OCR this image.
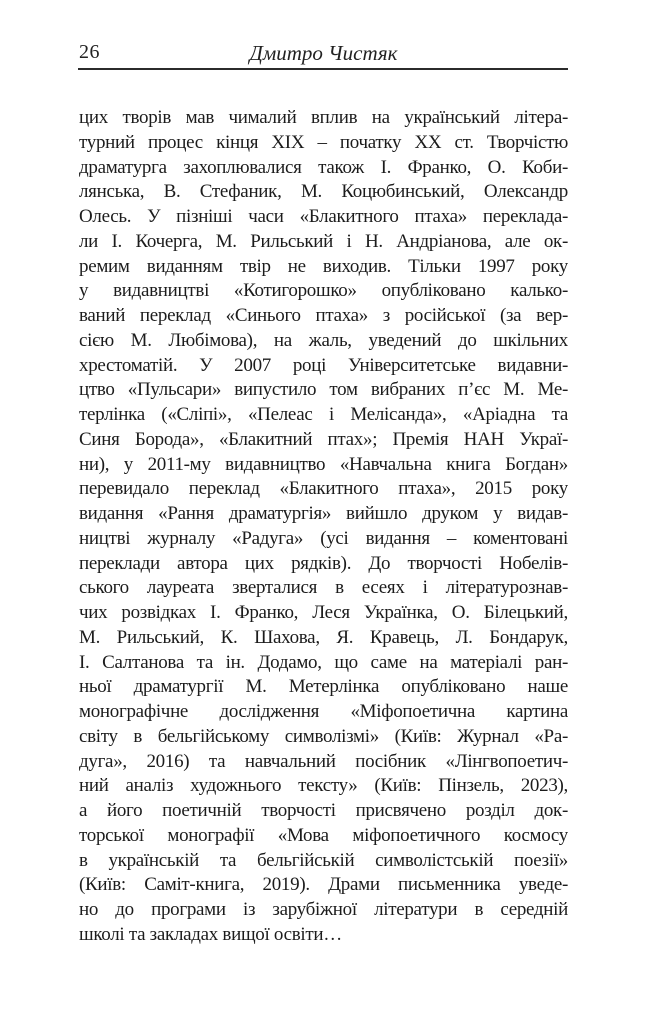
26	Дмитро Чистяк
цих творів мав чималий вплив на український літера-
турний процес кінця XIX – початку XX ст. Творчістю
драматурга захоплювалися також І. Франко, О. Коби-
лянська, В. Стефаник, М. Коцюбинський, Олександр
Олесь. У пізніші часи «Блакитного птаха» переклада-
ли І. Кочерга, М. Рильський і Н. Андріанова, але ок-
ремим виданням твір не виходив. Тільки 1997 року
у видавництві «Котигорошко» опубліковано калько-
ваний переклад «Синього птаха» з російської (за вер-
сією М. Любімова), на жаль, уведений до шкільних
хрестоматій. У 2007 році Університетське видавни-
цтво «Пульсари» випустило том вибраних п’єс М. Ме-
терлінка («Сліпі», «Пелеас і Мелісанда», «Аріадна та
Синя Борода», «Блакитний птах»; Премія НАН Украї-
ни), у 2011-му видавництво «Навчальна книга Богдан»
перевидало переклад «Блакитного птаха», 2015 року
видання «Рання драматургія» вийшло друком у видав-
ництві журналу «Радуга» (усі видання – коментовані
переклади автора цих рядків). До творчості Нобелів-
ського лауреата зверталися в есеях і літературознав-
чих розвідках І. Франко, Леся Українка, О. Білецький,
М. Рильський, К. Шахова, Я. Кравець, Л. Бондарук,
І. Салтанова та ін. Додамо, що саме на матеріалі ран-
ньої драматургії М. Метерлінка опубліковано наше
монографічне дослідження «Міфопоетична картина
світу в бельгійському символізмі» (Київ: Журнал «Ра-
дуга», 2016) та навчальний посібник «Лінгвопоетич-
ний аналіз художнього тексту» (Київ: Пінзель, 2023),
а його поетичній творчості присвячено розділ док-
торської монографії «Мова міфопоетичного космосу
в українській та бельгійській символістській поезії»
(Київ: Саміт-книга, 2019). Драми письменника уведе-
но до програми із зарубіжної літератури в середній
школі та закладах вищої освіти…
